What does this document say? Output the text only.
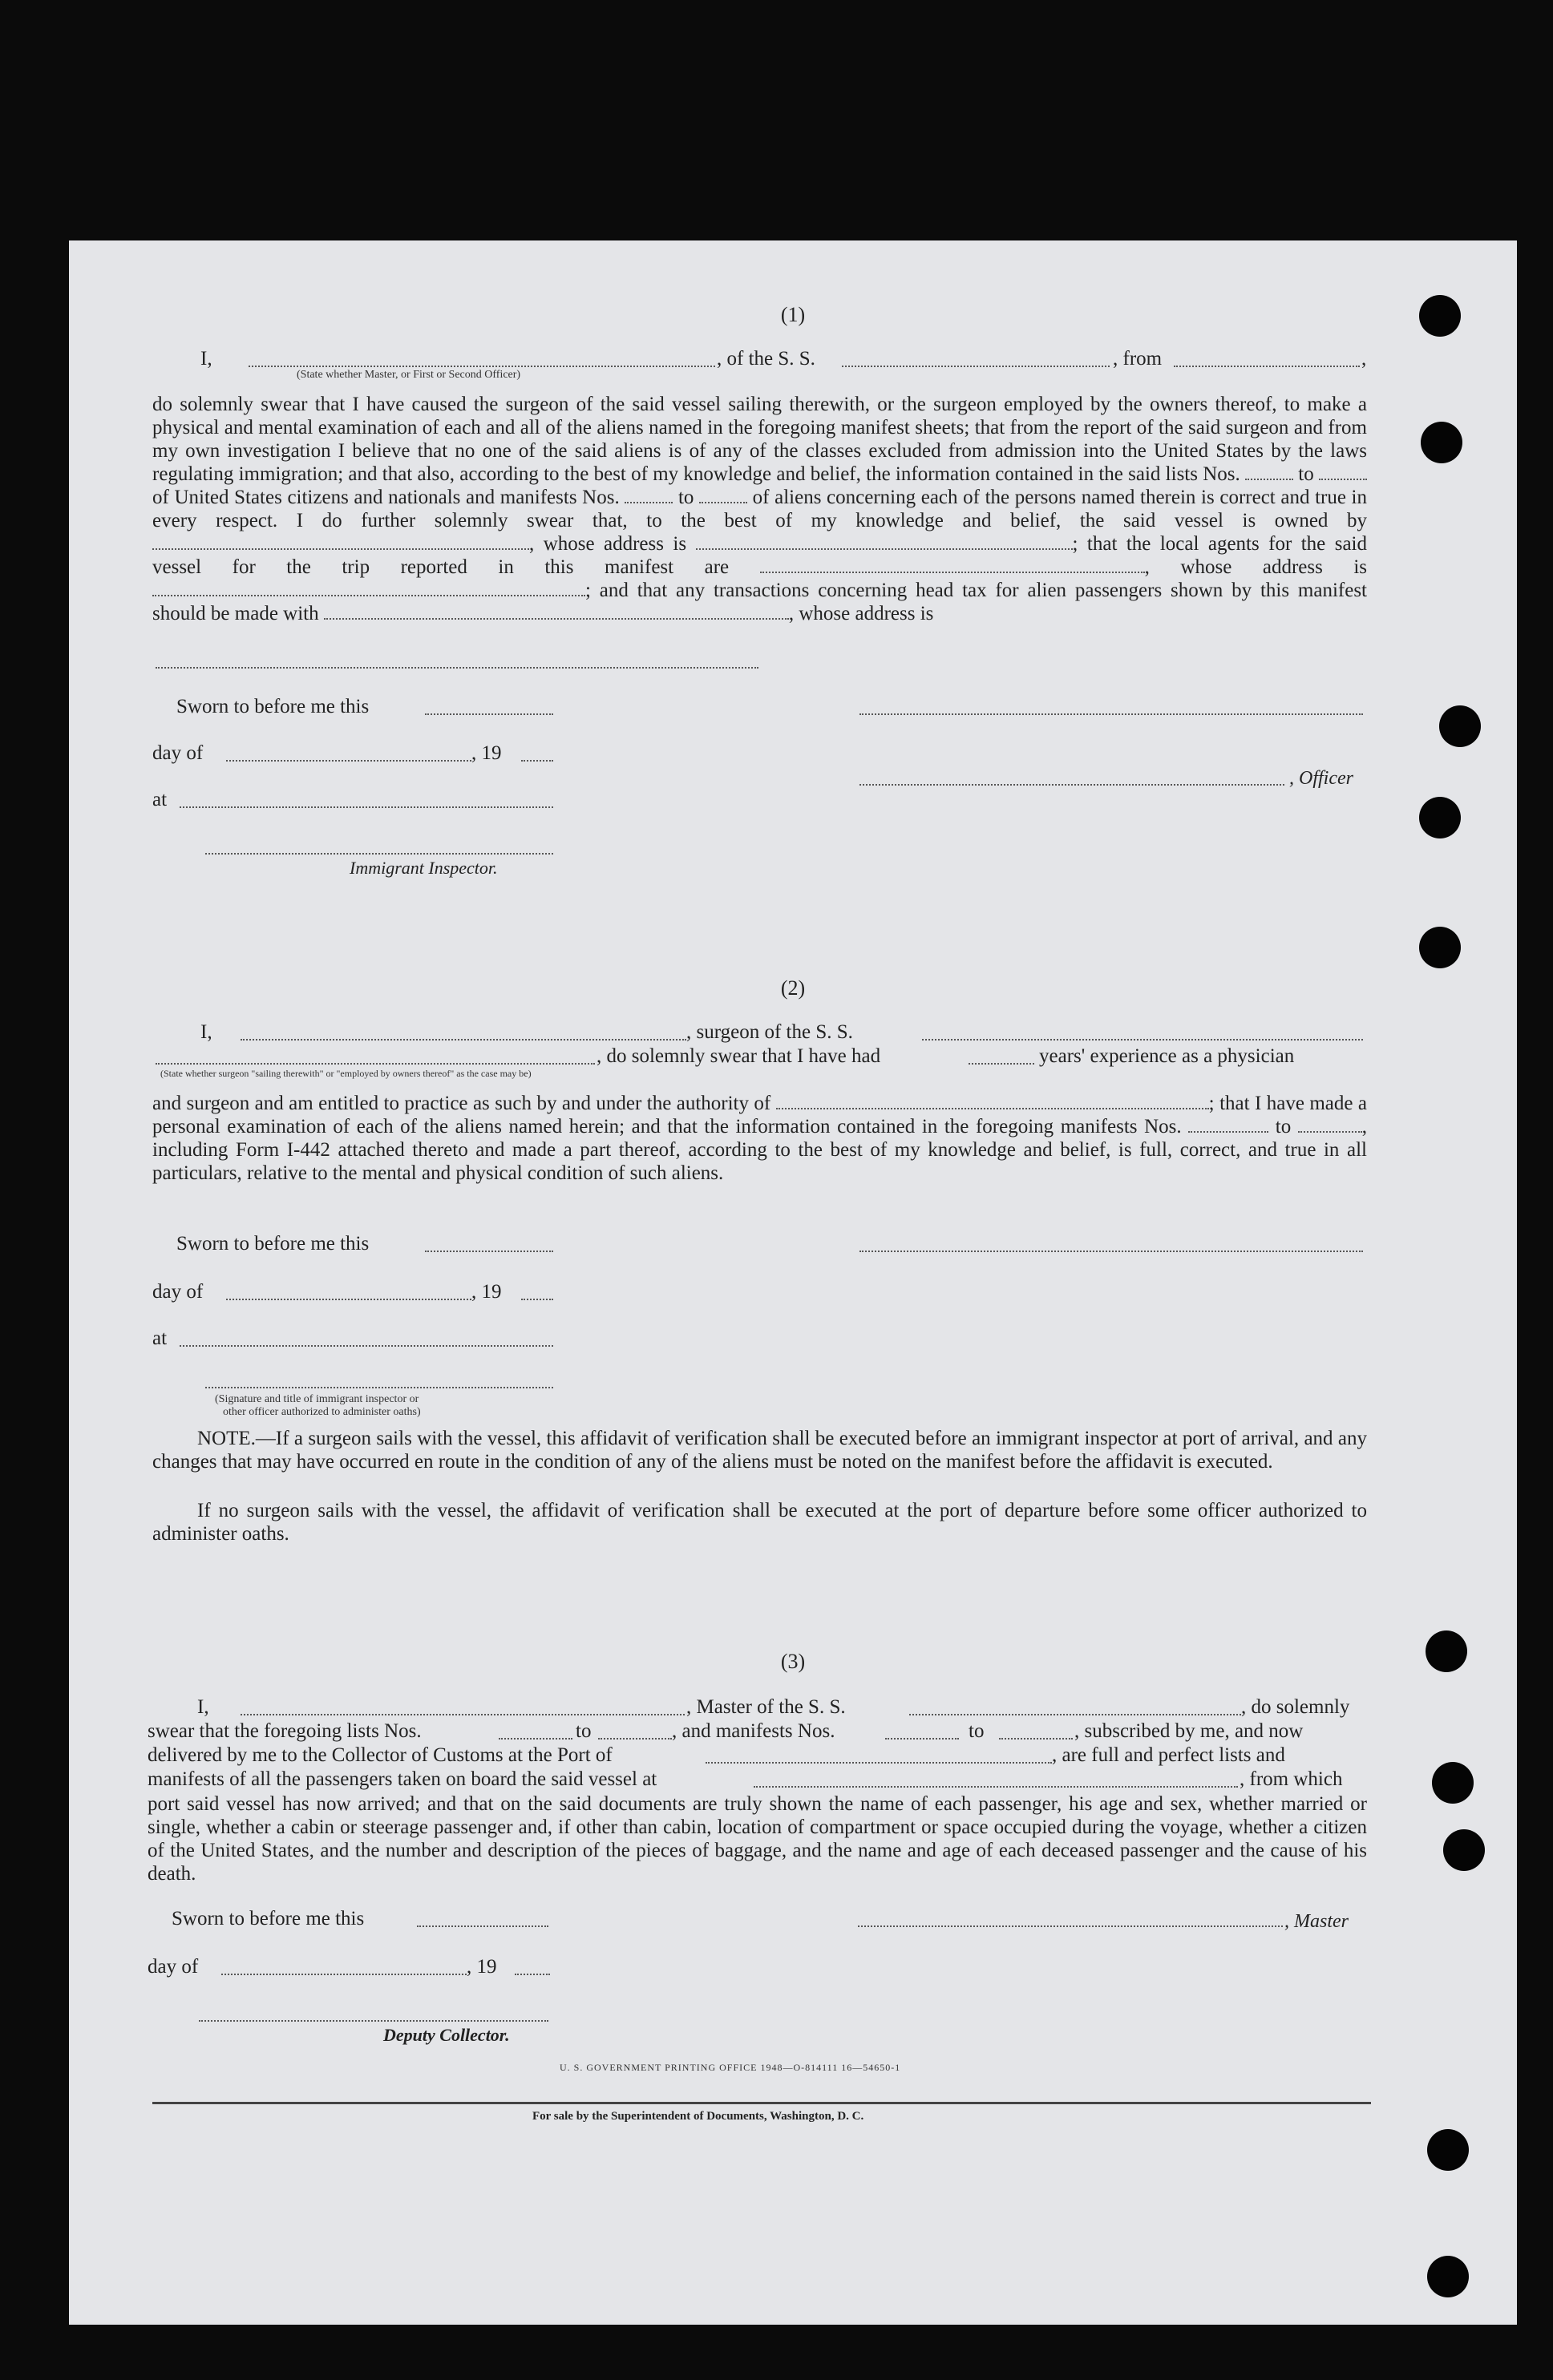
(1)
I,	, of the S. S.	, from	,
(State whether Master, or First or Second Officer)
do solemnly swear that I have caused the surgeon of the said vessel sailing therewith, or the surgeon employed by the owners thereof, to make a physical and mental examination of each and all of the aliens named in the foregoing manifest sheets; that from the report of the said surgeon and from my own investigation I believe that no one of the said aliens is of any of the classes excluded from admission into the United States by the laws regulating immigration; and that also, according to the best of my knowledge and belief, the information contained in the said lists Nos.	to  of United States citizens and nationals and manifests Nos.	to	of aliens concerning each of the persons named therein is correct and true in every respect. I do further solemnly swear that, to the best of my knowledge and belief, the said vessel is owned by , whose address is	; that the local agents for the said vessel for the trip reported in this manifest are	, whose address is ; and that any transactions concerning head tax for alien passengers shown by this manifest should be made with	, whose address is
Sworn to before me this
day of	, 19
, Officer
at
Immigrant Inspector.
(2)
I,	, surgeon of the S. S.
, do solemnly swear that I have had	years' experience as a physician
(State whether surgeon "sailing therewith" or "employed by owners thereof" as the case may be)
and surgeon and am entitled to practice as such by and under the authority of	; that I have made a personal examination of each of the aliens named herein; and that the information contained in the foregoing manifests Nos.	to	, including Form I-442 attached thereto and made a part thereof, according to the best of my knowledge and belief, is full, correct, and true in all particulars, relative to the mental and physical condition of such aliens.
Sworn to before me this
day of	, 19
at
(Signature and title of immigrant inspector or
other officer authorized to administer oaths)
NOTE.—If a surgeon sails with the vessel, this affidavit of verification shall be executed before an immigrant inspector at port of arrival, and any changes that may have occurred en route in the condition of any of the aliens must be noted on the manifest before the affidavit is executed.
If no surgeon sails with the vessel, the affidavit of verification shall be executed at the port of departure before some officer authorized to administer oaths.
(3)
I,	, Master of the S. S.	, do solemnly
swear that the foregoing lists Nos.	to	, and manifests Nos.	to	, subscribed by me, and now
delivered by me to the Collector of Customs at the Port of	, are full and perfect lists and
manifests of all the passengers taken on board the said vessel at	, from which
port said vessel has now arrived; and that on the said documents are truly shown the name of each passenger, his age and sex, whether married or single, whether a cabin or steerage passenger and, if other than cabin, location of compartment or space occupied during the voyage, whether a citizen of the United States, and the number and description of the pieces of baggage, and the name and age of each deceased passenger and the cause of his death.
Sworn to before me this	, Master
day of	, 19
Deputy Collector.
U. S. GOVERNMENT PRINTING OFFICE 1948—O-814111 16—54650-1
For sale by the Superintendent of Documents, Washington, D. C.
